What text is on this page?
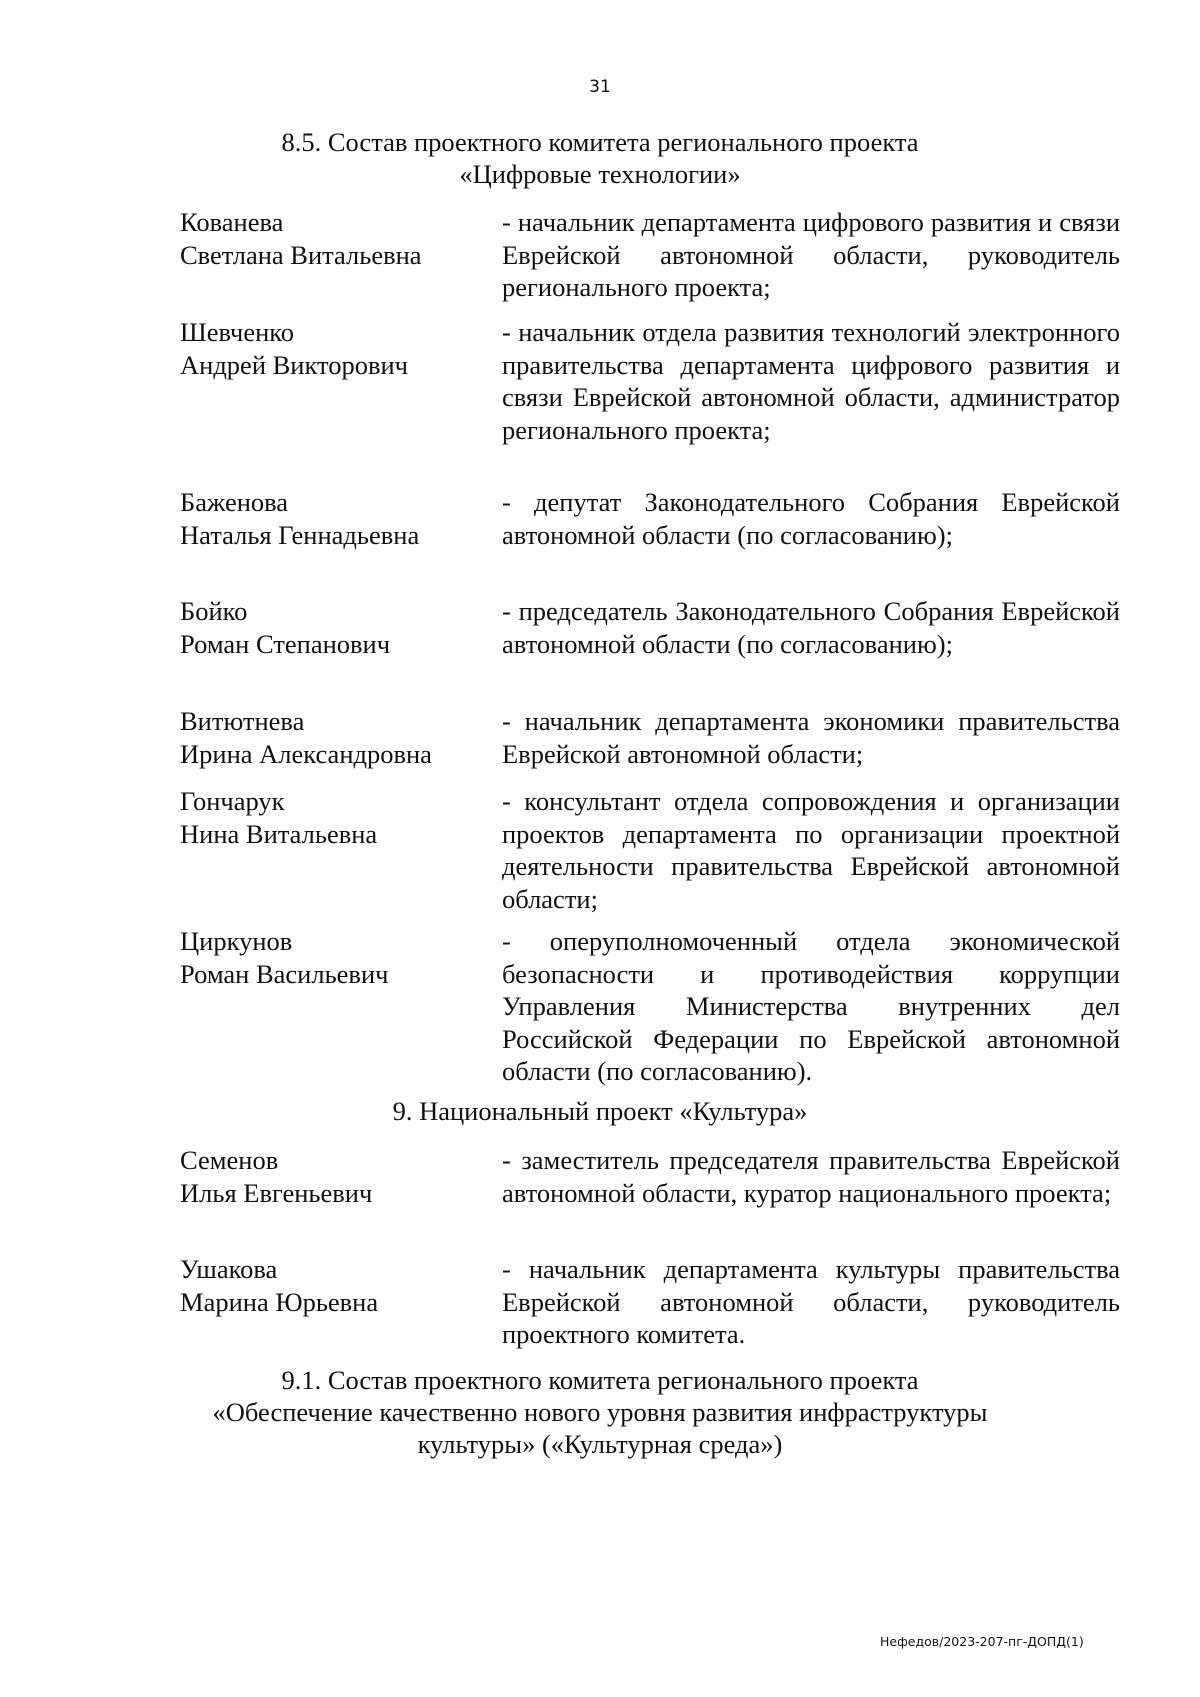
31
8.5. Состав проектного комитета регионального проекта
«Цифровые технологии»
Кованева
Светлана Витальевна
- начальник департамента цифрового развития и связи Еврейской автономной области, руководитель регионального проекта;
Шевченко
Андрей Викторович
- начальник отдела развития технологий электронного правительства департамента цифрового развития и связи Еврейской автономной области, администратор регионального проекта;
Баженова
Наталья Геннадьевна
- депутат Законодательного Собрания Еврейской автономной области (по согласованию);
Бойко
Роман Степанович
- председатель Законодательного Собрания Еврейской автономной области (по согласованию);
Витютнева
Ирина Александровна
- начальник департамента экономики правительства Еврейской автономной области;
Гончарук
Нина Витальевна
- консультант отдела сопровождения и организации проектов департамента по организации проектной деятельности правительства Еврейской автономной области;
Циркунов
Роман Васильевич
- оперуполномоченный отдела экономической безопасности и противодействия коррупции Управления Министерства внутренних дел Российской Федерации по Еврейской автономной области (по согласованию).
9. Национальный проект «Культура»
Семенов
Илья Евгеньевич
- заместитель председателя правительства Еврейской автономной области, куратор национального проекта;
Ушакова
Марина Юрьевна
- начальник департамента культуры правительства Еврейской автономной области, руководитель проектного комитета.
9.1. Состав проектного комитета регионального проекта
«Обеспечение качественно нового уровня развития инфраструктуры
культуры» («Культурная среда»)
Нефедов/2023-207-пг-ДОПД(1)
